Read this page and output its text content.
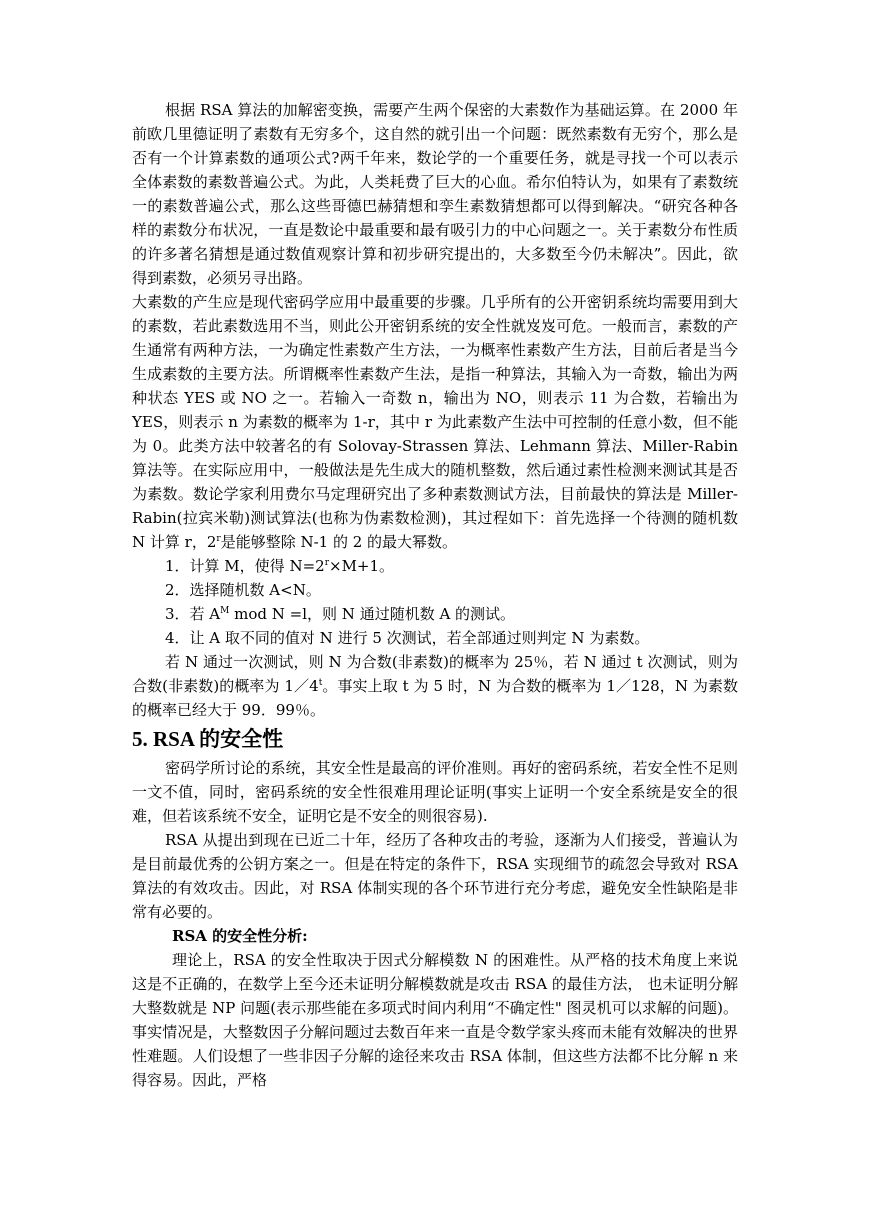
根据 RSA 算法的加解密变换，需要产生两个保密的大素数作为基础运算。在 2000 年前欧几里德证明了素数有无穷多个，这自然的就引出一个问题：既然素数有无穷个，那么是否有一个计算素数的通项公式?两千年来，数论学的一个重要任务，就是寻找一个可以表示全体素数的素数普遍公式。为此，人类耗费了巨大的心血。希尔伯特认为，如果有了素数统一的素数普遍公式，那么这些哥德巴赫猜想和孪生素数猜想都可以得到解决。“研究各种各样的素数分布状况，一直是数论中最重要和最有吸引力的中心问题之一。关于素数分布性质的许多著名猜想是通过数值观察计算和初步研究提出的，大多数至今仍未解决”。因此，欲得到素数，必须另寻出路。

大素数的产生应是现代密码学应用中最重要的步骤。几乎所有的公开密钥系统均需要用到大的素数，若此素数选用不当，则此公开密钥系统的安全性就岌岌可危。一般而言，素数的产生通常有两种方法，一为确定性素数产生方法，一为概率性素数产生方法，目前后者是当今生成素数的主要方法。所谓概率性素数产生法，是指一种算法，其输入为一奇数，输出为两种状态 YES 或 NO 之一。若输入一奇数 n，输出为 NO，则表示 11 为合数，若输出为 YES，则表示 n 为素数的概率为 1-r，其中 r 为此素数产生法中可控制的任意小数，但不能为 0。此类方法中较著名的有 Solovay-Strassen 算法、Lehmann 算法、Miller-Rabin 算法等。在实际应用中，一般做法是先生成大的随机整数，然后通过素性检测来测试其是否为素数。数论学家利用费尔马定理研究出了多种素数测试方法，目前最快的算法是 Miller-Rabin(拉宾米勒)测试算法(也称为伪素数检测)，其过程如下：首先选择一个待测的随机数 N 计算 r，2$^r$是能够整除 N-1 的 2 的最大幂数。

1．计算 M，使得 $N=2^r\times M+1$。

2．选择随机数 A<N。

3．若 $A^M$ mod N =l，则 N 通过随机数 A 的测试。

4．让 A 取不同的值对 N 进行 5 次测试，若全部通过则判定 N 为素数。

若 N 通过一次测试，则 N 为合数(非素数)的概率为 25％，若 N 通过 t 次测试，则为合数(非素数)的概率为 1／4$^t$。事实上取 t 为 5 时，N 为合数的概率为 1／128，N 为素数的概率已经大于 99．99％。

5. RSA 的安全性

密码学所讨论的系统，其安全性是最高的评价准则。再好的密码系统，若安全性不足则一文不值，同时，密码系统的安全性很难用理论证明(事实上证明一个安全系统是安全的很难，但若该系统不安全，证明它是不安全的则很容易).

RSA 从提出到现在已近二十年，经历了各种攻击的考验，逐渐为人们接受，普遍认为是目前最优秀的公钥方案之一。但是在特定的条件下，RSA 实现细节的疏忽会导致对 RSA 算法的有效攻击。因此，对 RSA 体制实现的各个环节进行充分考虑，避免安全性缺陷是非常有必要的。

RSA 的安全性分析:

理论上，RSA 的安全性取决于因式分解模数 N 的困难性。从严格的技术角度上来说这是不正确的，在数学上至今还未证明分解模数就是攻击 RSA 的最佳方法， 也未证明分解大整数就是 NP 问题(表示那些能在多项式时间内利用“不确定性" 图灵机可以求解的问题)。事实情况是，大整数因子分解问题过去数百年来一直是令数学家头疼而未能有效解决的世界性难题。人们设想了一些非因子分解的途径来攻击 RSA 体制，但这些方法都不比分解 n 来得容易。因此，严格
